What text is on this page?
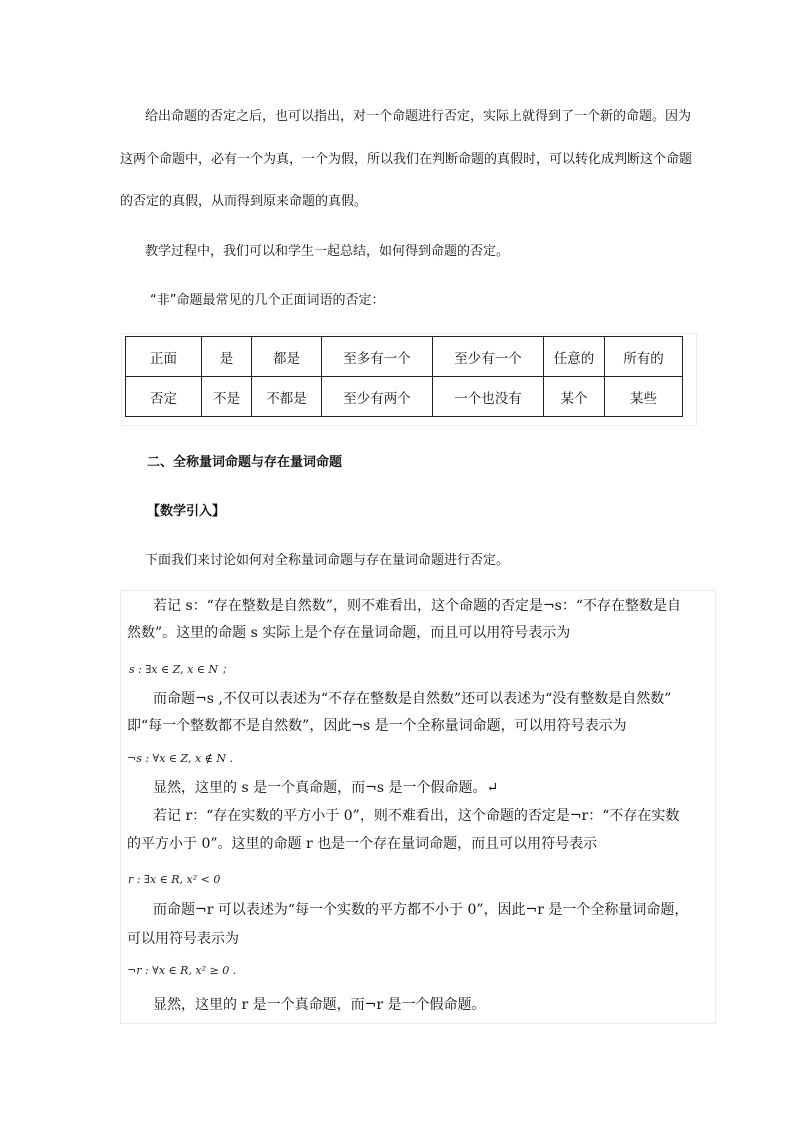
给出命题的否定之后，也可以指出，对一个命题进行否定，实际上就得到了一个新的命题。因为
这两个命题中，必有一个为真，一个为假，所以我们在判断命题的真假时，可以转化成判断这个命题
的否定的真假，从而得到原来命题的真假。
教学过程中，我们可以和学生一起总结，如何得到命题的否定。
“非”命题最常见的几个正面词语的否定：
正面	是	都是	至多有一个	至少有一个	任意的	所有的
否定	不是	不都是	至少有两个	一个也没有	某个	某些
二、全称量词命题与存在量词命题
【数学引入】
下面我们来讨论如何对全称量词命题与存在量词命题进行否定。
若记 s：“存在整数是自然数”，则不难看出，这个命题的否定是¬s：“不存在整数是自
然数”。这里的命题 s 实际上是个存在量词命题，而且可以用符号表示为
s : ∃x ∈ Z, x ∈ N ；
而命题¬s ,不仅可以表述为“不存在整数是自然数”还可以表述为“没有整数是自然数”
即“每一个整数都不是自然数”，因此¬s 是一个全称量词命题，可以用符号表示为
¬s : ∀x ∈ Z, x ∉ N .
显然，这里的 s 是一个真命题，而¬s 是一个假命题。↵
若记 r：“存在实数的平方小于 0”，则不难看出，这个命题的否定是¬r：“不存在实数
的平方小于 0”。这里的命题 r 也是一个存在量词命题，而且可以用符号表示
r : ∃x ∈ R, x² < 0
而命题¬r 可以表述为“每一个实数的平方都不小于 0”，因此¬r 是一个全称量词命题，
可以用符号表示为
¬r : ∀x ∈ R, x² ≥ 0 .
显然，这里的 r 是一个真命题，而¬r 是一个假命题。
